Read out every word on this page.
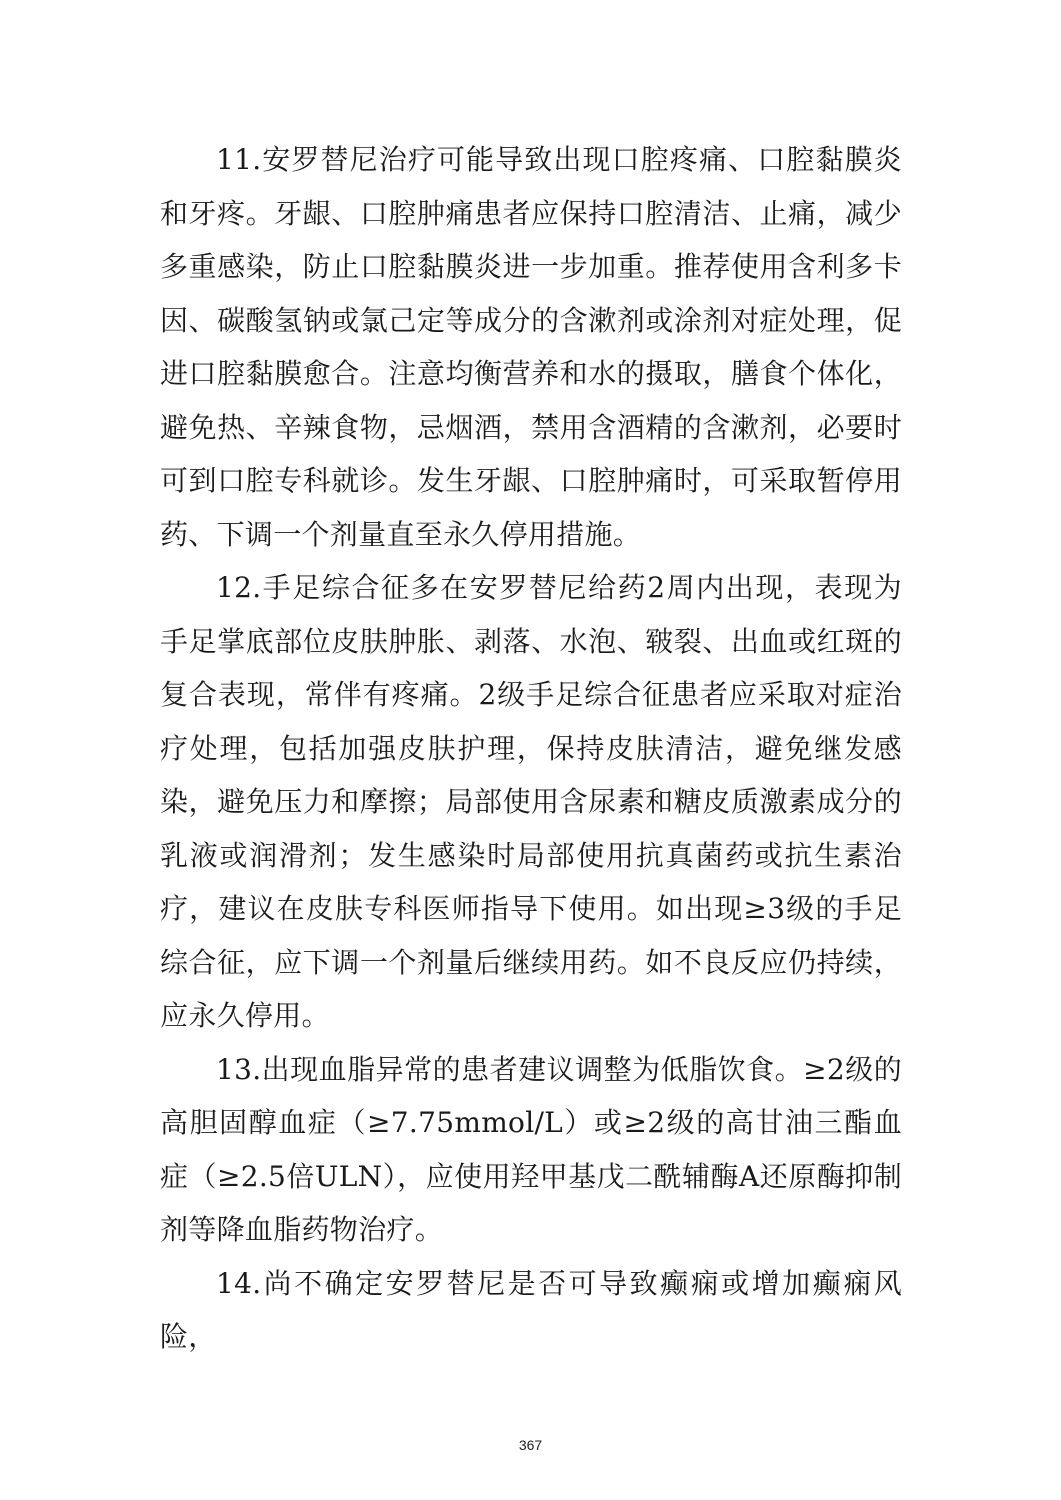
11.安罗替尼治疗可能导致出现口腔疼痛、口腔黏膜炎和牙疼。牙龈、口腔肿痛患者应保持口腔清洁、止痛，减少多重感染，防止口腔黏膜炎进一步加重。推荐使用含利多卡因、碳酸氢钠或氯己定等成分的含漱剂或涂剂对症处理，促进口腔黏膜愈合。注意均衡营养和水的摄取，膳食个体化，避免热、辛辣食物，忌烟酒，禁用含酒精的含漱剂，必要时可到口腔专科就诊。发生牙龈、口腔肿痛时，可采取暂停用药、下调一个剂量直至永久停用措施。

12.手足综合征多在安罗替尼给药2周内出现，表现为手足掌底部位皮肤肿胀、剥落、水泡、皲裂、出血或红斑的复合表现，常伴有疼痛。2级手足综合征患者应采取对症治疗处理，包括加强皮肤护理，保持皮肤清洁，避免继发感染，避免压力和摩擦；局部使用含尿素和糖皮质激素成分的乳液或润滑剂；发生感染时局部使用抗真菌药或抗生素治疗，建议在皮肤专科医师指导下使用。如出现≥3级的手足综合征，应下调一个剂量后继续用药。如不良反应仍持续，应永久停用。

13.出现血脂异常的患者建议调整为低脂饮食。≥2级的高胆固醇血症（≥7.75mmol/L）或≥2级的高甘油三酯血症（≥2.5倍ULN），应使用羟甲基戊二酰辅酶A还原酶抑制剂等降血脂药物治疗。

14.尚不确定安罗替尼是否可导致癫痫或增加癫痫风险，

367
